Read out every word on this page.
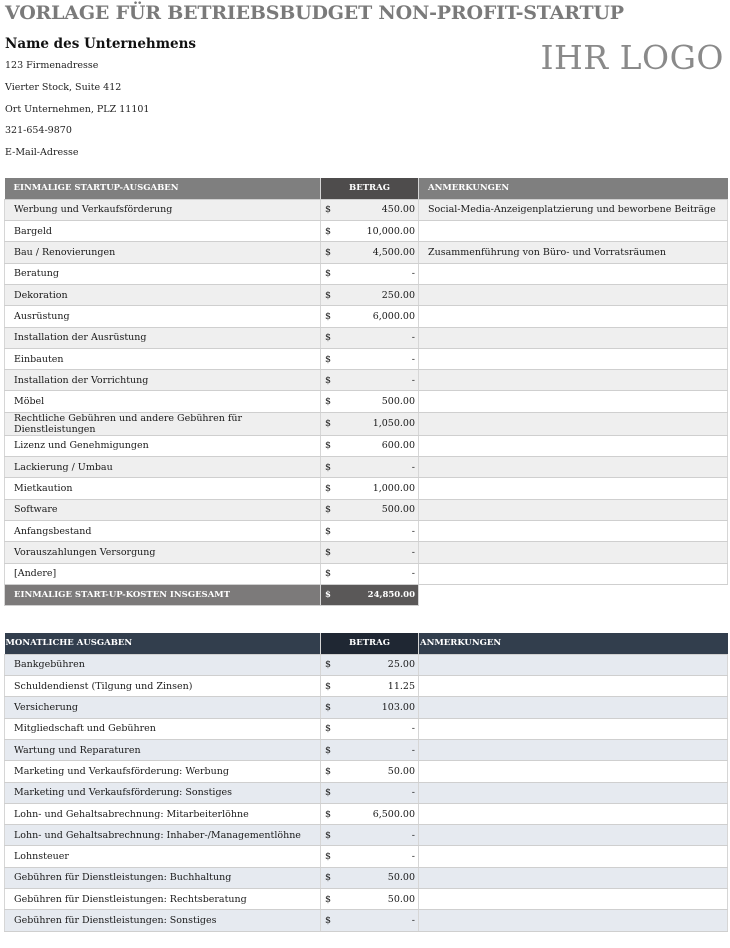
VORLAGE FÜR BETRIEBSBUDGET NON-PROFIT-STARTUP
Name des Unternehmens
123 Firmenadresse
Vierter Stock, Suite 412
Ort Unternehmen, PLZ 11101
321-654-9870
E-Mail-Adresse
IHR LOGO
EINMALIGE STARTUP-AUSGABEN	BETRAG	ANMERKUNGEN
Werbung und Verkaufsförderung	$ 450.00	Social-Media-Anzeigenplatzierung und beworbene Beiträge
Bargeld	$ 10,000.00	

Bau / Renovierungen	$ 4,500.00	Zusammenführung von Büro- und Vorratsräumen
Beratung	$ -	

Dekoration	$ 250.00	

Ausrüstung	$ 6,000.00	

Installation der Ausrüstung	$ -	

Einbauten	$ -	

Installation der Vorrichtung	$ -	

Möbel	$ 500.00	

Rechtliche Gebühren und andere Gebühren für Dienstleistungen	$ 1,050.00	

Lizenz und Genehmigungen	$ 600.00	

Lackierung / Umbau	$ -	

Mietkaution	$ 1,000.00	

Software	$ 500.00	

Anfangsbestand	$ -	

Vorauszahlungen Versorgung	$ -	

[Andere]	$ -	

EINMALIGE START-UP-KOSTEN INSGESAMT	$ 24,850.00	

MONATLICHE AUSGABEN	BETRAG	ANMERKUNGEN
Bankgebühren	$ 25.00	

Schuldendienst (Tilgung und Zinsen)	$ 11.25	

Versicherung	$ 103.00	

Mitgliedschaft und Gebühren	$ -	

Wartung und Reparaturen	$ -	

Marketing und Verkaufsförderung: Werbung	$ 50.00	

Marketing und Verkaufsförderung: Sonstiges	$ -	

Lohn- und Gehaltsabrechnung: Mitarbeiterlöhne	$ 6,500.00	

Lohn- und Gehaltsabrechnung: Inhaber-/Managementlöhne	$ -	

Lohnsteuer	$ -	

Gebühren für Dienstleistungen: Buchhaltung	$ 50.00	

Gebühren für Dienstleistungen: Rechtsberatung	$ 50.00	

Gebühren für Dienstleistungen: Sonstiges	$ -	
